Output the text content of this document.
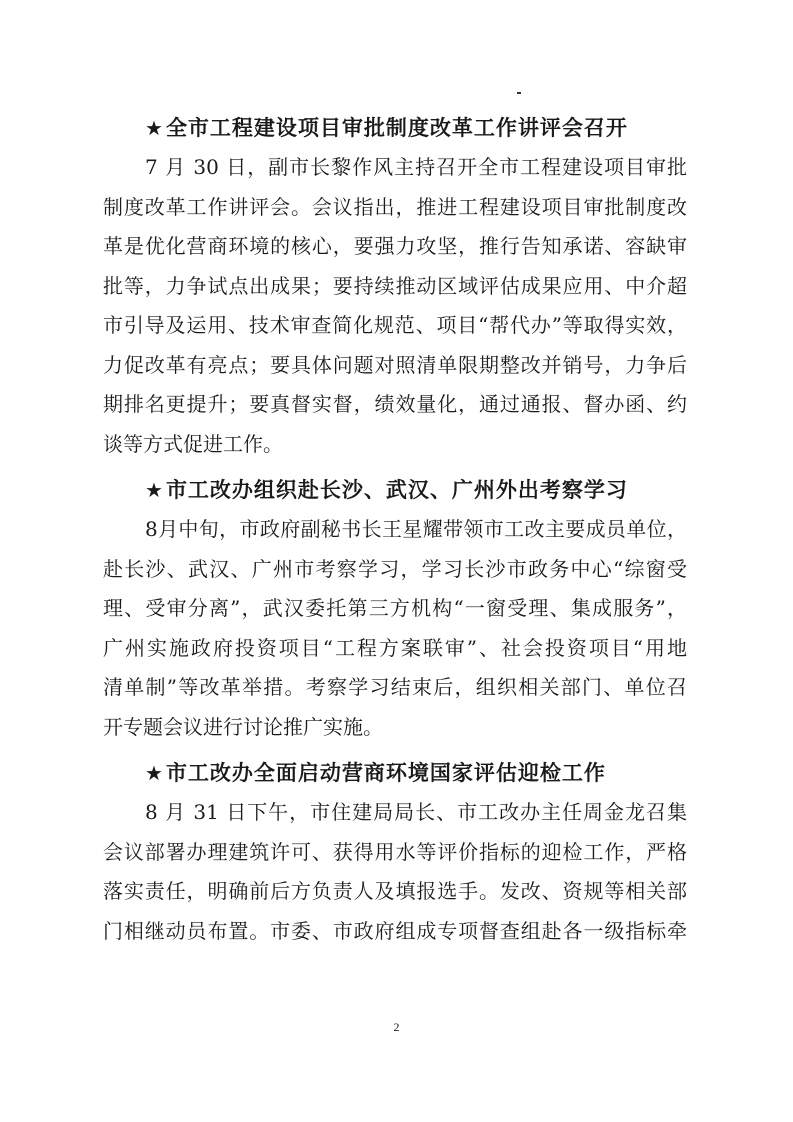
★全市工程建设项目审批制度改革工作讲评会召开
7 月 30 日，副市长黎作风主持召开全市工程建设项目审批
制度改革工作讲评会。会议指出，推进工程建设项目审批制度改
革是优化营商环境的核心，要强力攻坚，推行告知承诺、容缺审
批等，力争试点出成果；要持续推动区域评估成果应用、中介超
市引导及运用、技术审查简化规范、项目“帮代办”等取得实效，
力促改革有亮点；要具体问题对照清单限期整改并销号，力争后
期排名更提升；要真督实督，绩效量化，通过通报、督办函、约
谈等方式促进工作。
★市工改办组织赴长沙、武汉、广州外出考察学习
8月中旬，市政府副秘书长王星耀带领市工改主要成员单位，
赴长沙、武汉、广州市考察学习，学习长沙市政务中心“综窗受
理、受审分离”，武汉委托第三方机构“一窗受理、集成服务”，
广州实施政府投资项目“工程方案联审”、社会投资项目“用地
清单制”等改革举措。考察学习结束后，组织相关部门、单位召
开专题会议进行讨论推广实施。
★市工改办全面启动营商环境国家评估迎检工作
8 月 31 日下午，市住建局局长、市工改办主任周金龙召集
会议部署办理建筑许可、获得用水等评价指标的迎检工作，严格
落实责任，明确前后方负责人及填报选手。发改、资规等相关部
门相继动员布置。市委、市政府组成专项督查组赴各一级指标牵
2
